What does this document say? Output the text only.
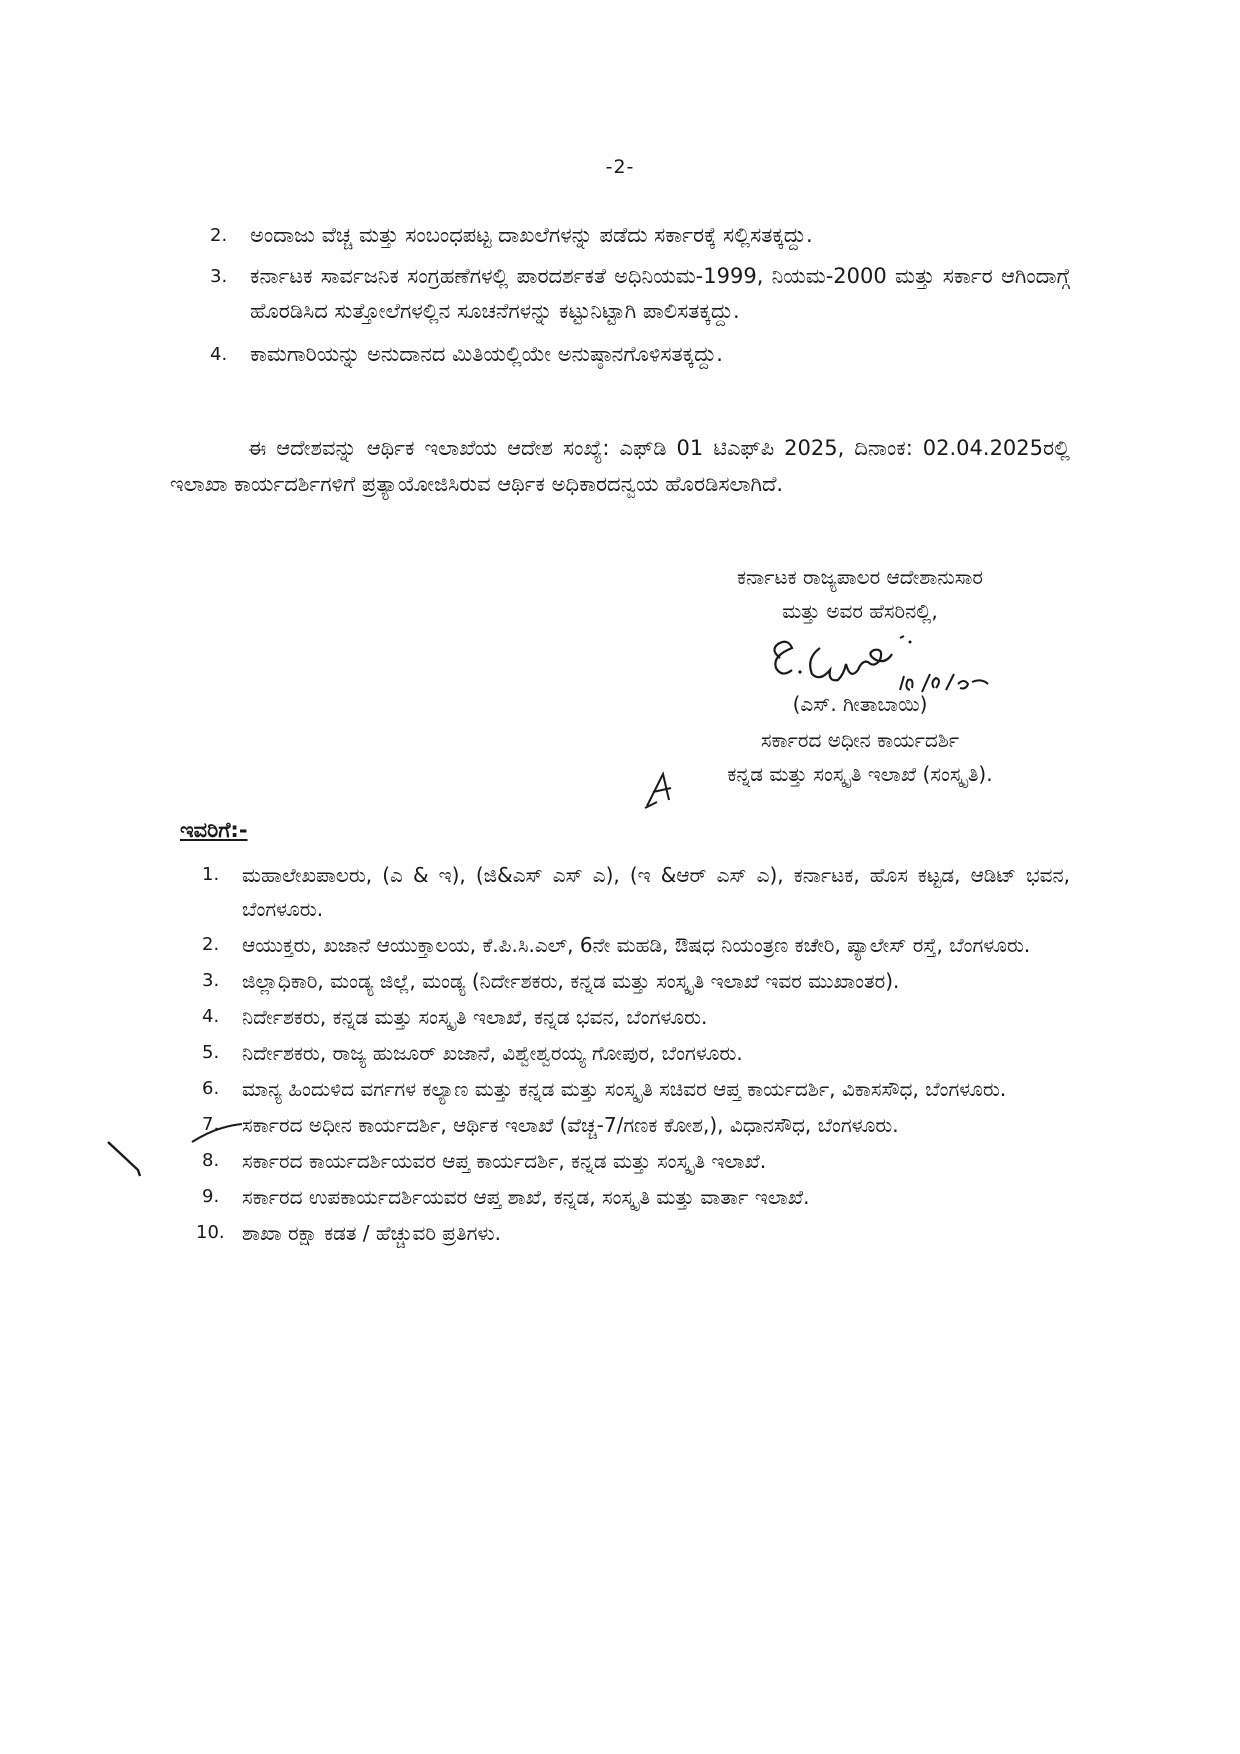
-2-
2. ಅಂದಾಜು ವೆಚ್ಚ ಮತ್ತು ಸಂಬಂಧಪಟ್ಟ ದಾಖಲೆಗಳನ್ನು ಪಡೆದು ಸರ್ಕಾರಕ್ಕೆ ಸಲ್ಲಿಸತಕ್ಕದ್ದು.
3. ಕರ್ನಾಟಕ ಸಾರ್ವಜನಿಕ ಸಂಗ್ರಹಣೆಗಳಲ್ಲಿ ಪಾರದರ್ಶಕತೆ ಅಧಿನಿಯಮ-1999, ನಿಯಮ-2000 ಮತ್ತು ಸರ್ಕಾರ ಆಗಿಂದಾಗ್ಗೆ ಹೊರಡಿಸಿದ ಸುತ್ತೋಲೆಗಳಲ್ಲಿನ ಸೂಚನೆಗಳನ್ನು ಕಟ್ಟುನಿಟ್ಟಾಗಿ ಪಾಲಿಸತಕ್ಕದ್ದು.
4. ಕಾಮಗಾರಿಯನ್ನು ಅನುದಾನದ ಮಿತಿಯಲ್ಲಿಯೇ ಅನುಷ್ಠಾನಗೊಳಿಸತಕ್ಕದ್ದು.

ಈ ಆದೇಶವನ್ನು ಆರ್ಥಿಕ ಇಲಾಖೆಯ ಆದೇಶ ಸಂಖ್ಯೆ: ಎಫ್‌ಡಿ 01 ಟಿಎಫ್‌ಪಿ 2025, ದಿನಾಂಕ: 02.04.2025ರಲ್ಲಿ ಇಲಾಖಾ ಕಾರ್ಯದರ್ಶಿಗಳಿಗೆ ಪ್ರತ್ಯಾಯೋಜಿಸಿರುವ ಆರ್ಥಿಕ ಅಧಿಕಾರದನ್ವಯ ಹೊರಡಿಸಲಾಗಿದೆ.

ಕರ್ನಾಟಕ ರಾಜ್ಯಪಾಲರ ಆದೇಶಾನುಸಾರ
ಮತ್ತು ಅವರ ಹೆಸರಿನಲ್ಲಿ,
(ಎಸ್. ಗೀತಾಬಾಯಿ)
ಸರ್ಕಾರದ ಅಧೀನ ಕಾರ್ಯದರ್ಶಿ
ಕನ್ನಡ ಮತ್ತು ಸಂಸ್ಕೃತಿ ಇಲಾಖೆ (ಸಂಸ್ಕೃತಿ).
ಇವರಿಗೆ:-
1. ಮಹಾಲೇಖಪಾಲರು, (ಎ & ಇ), (ಜಿ&ಎಸ್ ಎಸ್ ಎ), (ಇ &ಆರ್ ಎಸ್ ಎ), ಕರ್ನಾಟಕ, ಹೊಸ ಕಟ್ಟಡ, ಆಡಿಟ್ ಭವನ, ಬೆಂಗಳೂರು.
2. ಆಯುಕ್ತರು, ಖಜಾನೆ ಆಯುಕ್ತಾಲಯ, ಕೆ.ಪಿ.ಸಿ.ಎಲ್, 6ನೇ ಮಹಡಿ, ಔಷಧ ನಿಯಂತ್ರಣ ಕಚೇರಿ, ಪ್ಯಾಲೇಸ್ ರಸ್ತೆ, ಬೆಂಗಳೂರು.
3. ಜಿಲ್ಲಾಧಿಕಾರಿ, ಮಂಡ್ಯ ಜಿಲ್ಲೆ, ಮಂಡ್ಯ (ನಿರ್ದೇಶಕರು, ಕನ್ನಡ ಮತ್ತು ಸಂಸ್ಕೃತಿ ಇಲಾಖೆ ಇವರ ಮುಖಾಂತರ).
4. ನಿರ್ದೇಶಕರು, ಕನ್ನಡ ಮತ್ತು ಸಂಸ್ಕೃತಿ ಇಲಾಖೆ, ಕನ್ನಡ ಭವನ, ಬೆಂಗಳೂರು.
5. ನಿರ್ದೇಶಕರು, ರಾಜ್ಯ ಹುಜೂರ್ ಖಜಾನೆ, ವಿಶ್ವೇಶ್ವರಯ್ಯ ಗೋಪುರ, ಬೆಂಗಳೂರು.
6. ಮಾನ್ಯ ಹಿಂದುಳಿದ ವರ್ಗಗಳ ಕಲ್ಯಾಣ ಮತ್ತು ಕನ್ನಡ ಮತ್ತು ಸಂಸ್ಕೃತಿ ಸಚಿವರ ಆಪ್ತ ಕಾರ್ಯದರ್ಶಿ, ವಿಕಾಸಸೌಧ, ಬೆಂಗಳೂರು.
7. ಸರ್ಕಾರದ ಅಧೀನ ಕಾರ್ಯದರ್ಶಿ, ಆರ್ಥಿಕ ಇಲಾಖೆ (ವೆಚ್ಚ-7/ಗಣಕ ಕೋಶ,), ವಿಧಾನಸೌಧ, ಬೆಂಗಳೂರು.
8. ಸರ್ಕಾರದ ಕಾರ್ಯದರ್ಶಿಯವರ ಆಪ್ತ ಕಾರ್ಯದರ್ಶಿ, ಕನ್ನಡ ಮತ್ತು ಸಂಸ್ಕೃತಿ ಇಲಾಖೆ.
9. ಸರ್ಕಾರದ ಉಪಕಾರ್ಯದರ್ಶಿಯವರ ಆಪ್ತ ಶಾಖೆ, ಕನ್ನಡ, ಸಂಸ್ಕೃತಿ ಮತ್ತು ವಾರ್ತಾ ಇಲಾಖೆ.
10. ಶಾಖಾ ರಕ್ಷಾ ಕಡತ / ಹೆಚ್ಚುವರಿ ಪ್ರತಿಗಳು.
